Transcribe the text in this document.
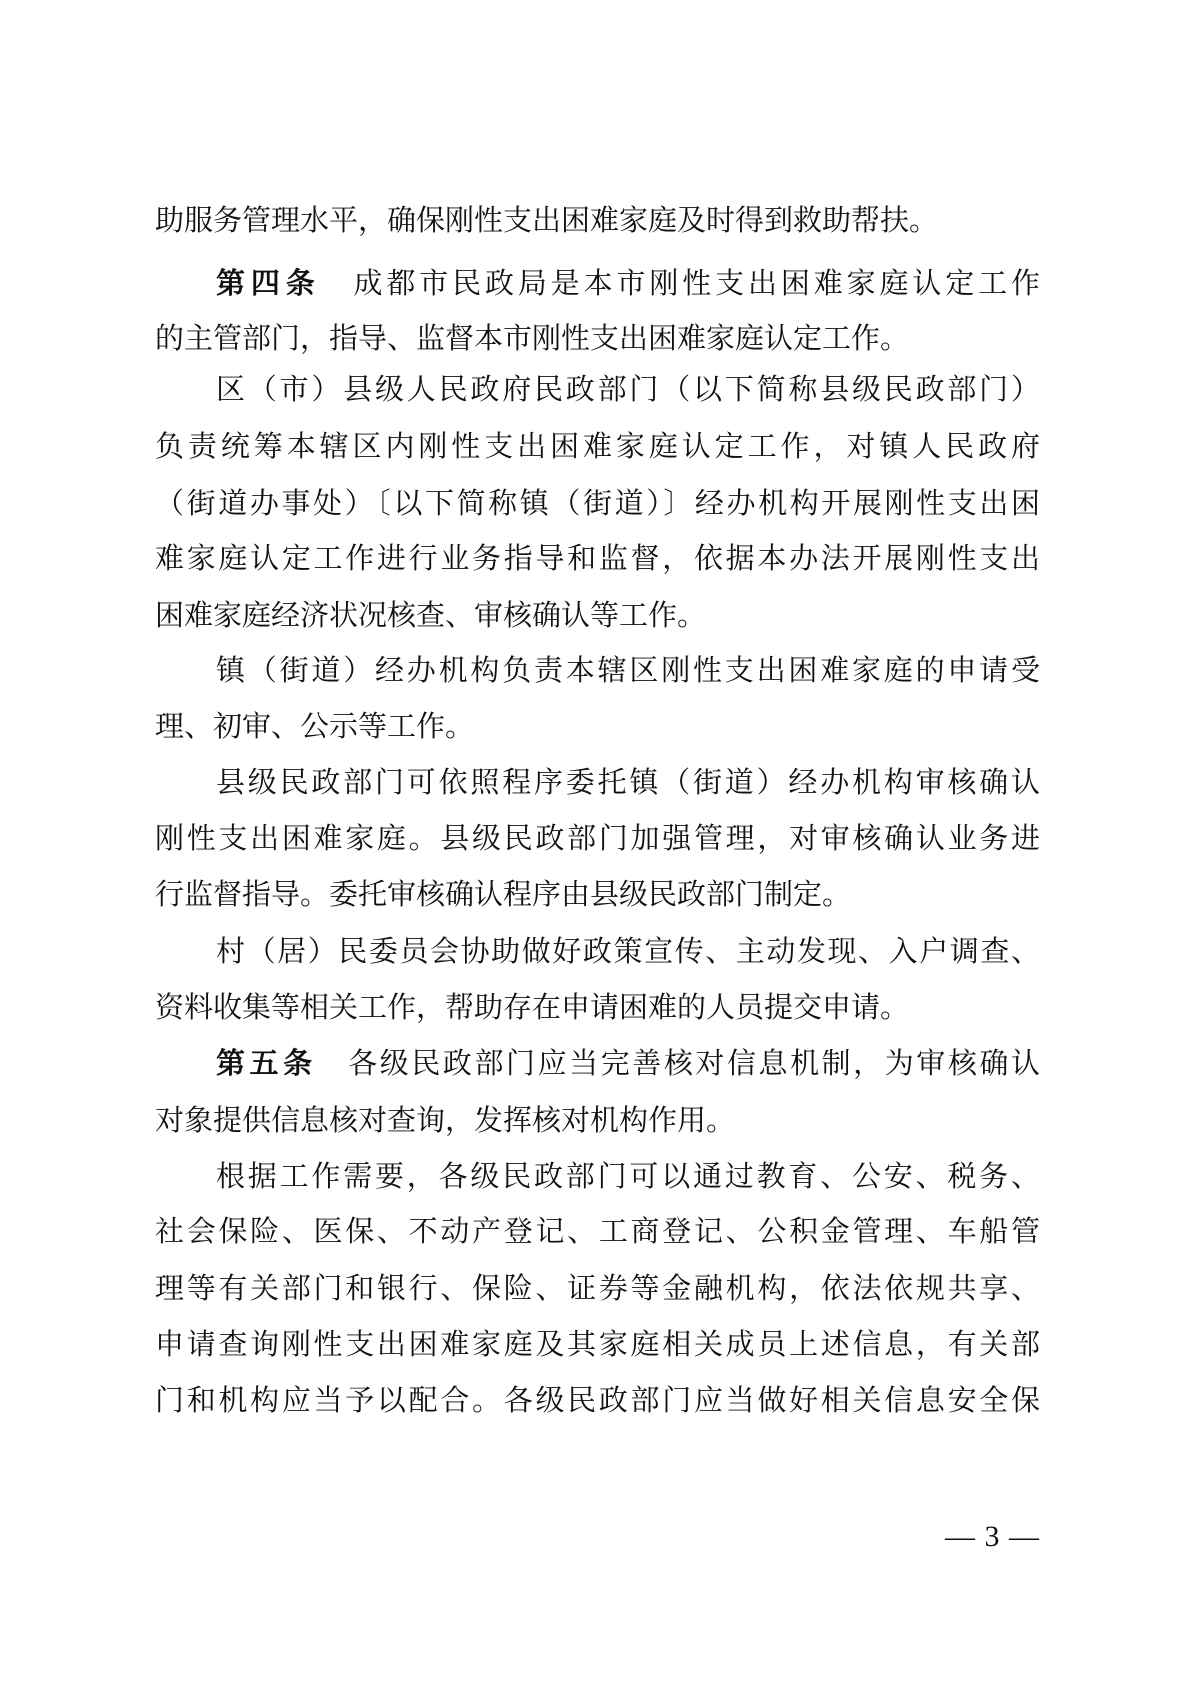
助服务管理水平，确保刚性支出困难家庭及时得到救助帮扶。
第四条　成都市民政局是本市刚性支出困难家庭认定工作
的主管部门，指导、监督本市刚性支出困难家庭认定工作。
区（市）县级人民政府民政部门（以下简称县级民政部门）
负责统筹本辖区内刚性支出困难家庭认定工作，对镇人民政府
（街道办事处）〔以下简称镇（街道）〕经办机构开展刚性支出困
难家庭认定工作进行业务指导和监督，依据本办法开展刚性支出
困难家庭经济状况核查、审核确认等工作。
镇（街道）经办机构负责本辖区刚性支出困难家庭的申请受
理、初审、公示等工作。
县级民政部门可依照程序委托镇（街道）经办机构审核确认
刚性支出困难家庭。县级民政部门加强管理，对审核确认业务进
行监督指导。委托审核确认程序由县级民政部门制定。
村（居）民委员会协助做好政策宣传、主动发现、入户调查、
资料收集等相关工作，帮助存在申请困难的人员提交申请。
第五条　各级民政部门应当完善核对信息机制，为审核确认
对象提供信息核对查询，发挥核对机构作用。
根据工作需要，各级民政部门可以通过教育、公安、税务、
社会保险、医保、不动产登记、工商登记、公积金管理、车船管
理等有关部门和银行、保险、证券等金融机构，依法依规共享、
申请查询刚性支出困难家庭及其家庭相关成员上述信息，有关部
门和机构应当予以配合。各级民政部门应当做好相关信息安全保
— 3 —
